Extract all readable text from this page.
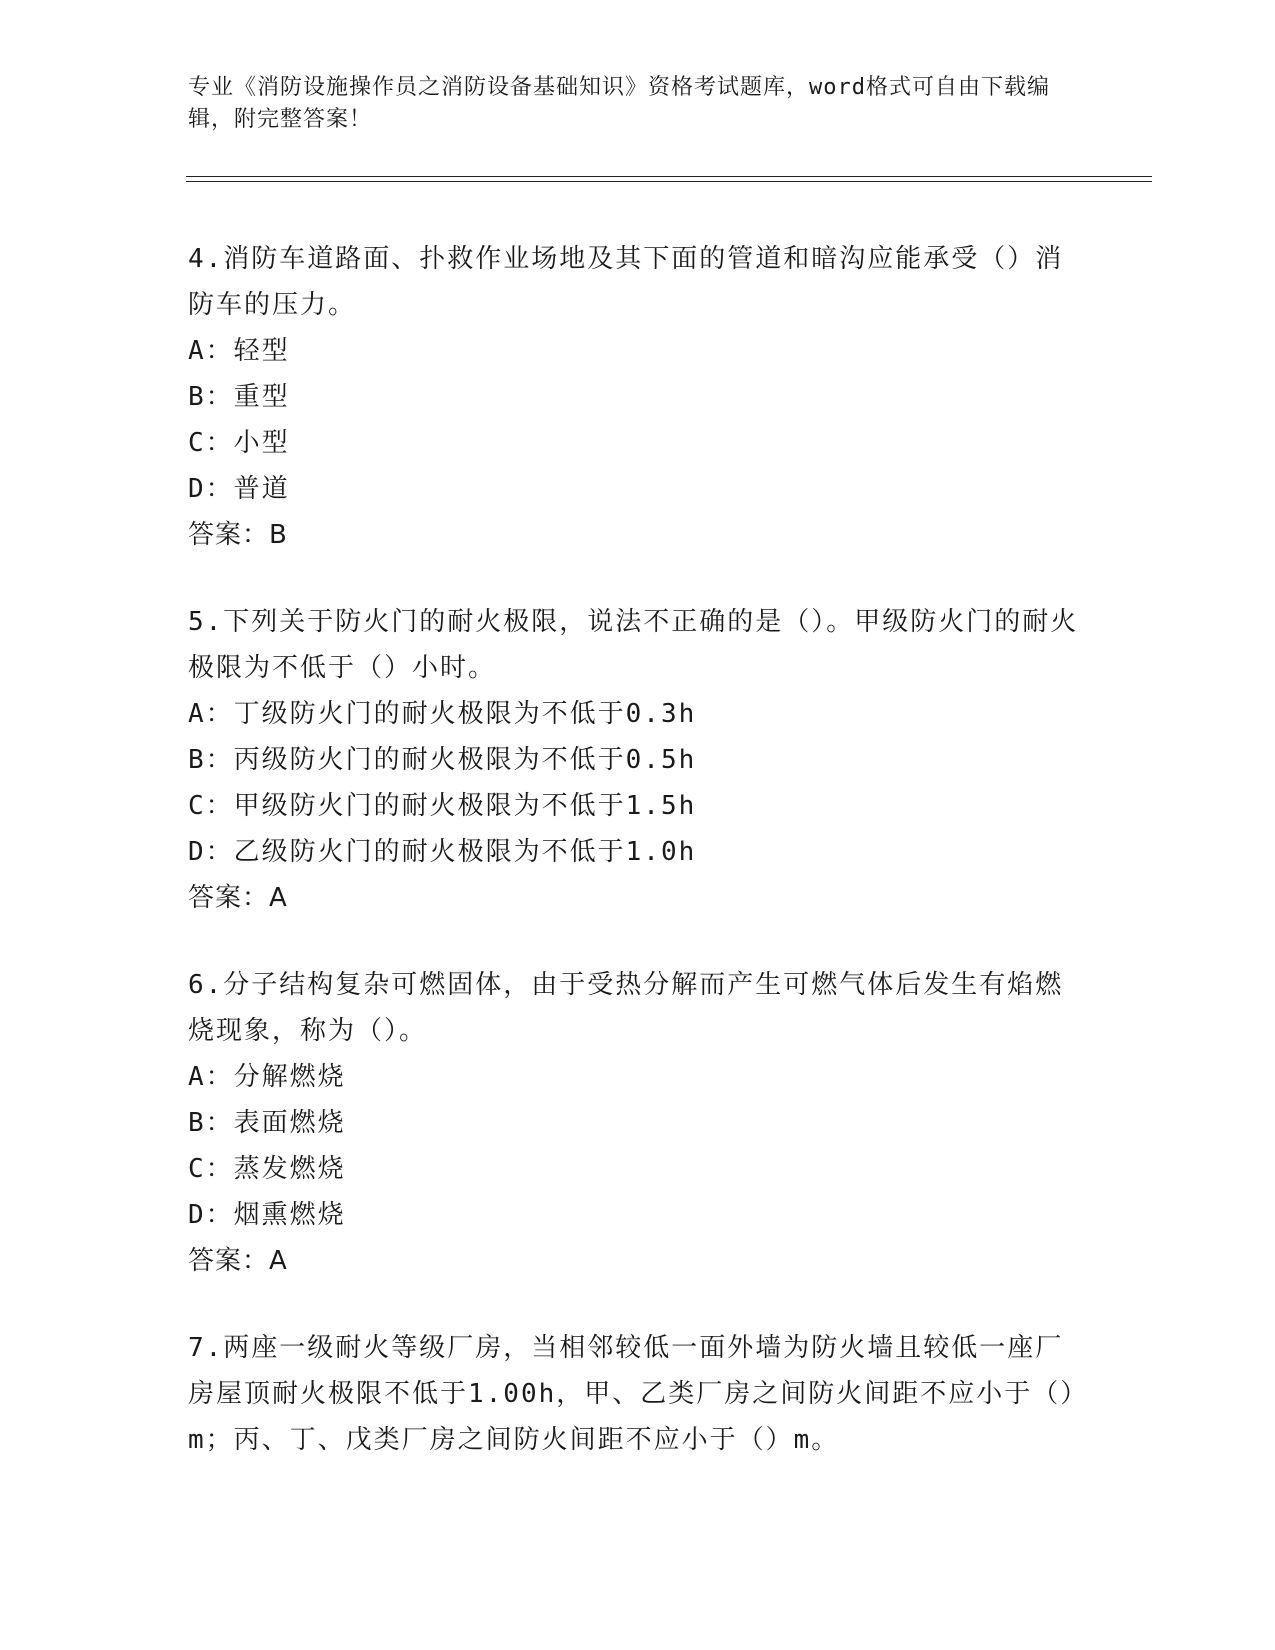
专业《消防设施操作员之消防设备基础知识》资格考试题库，word格式可自由下载编辑，附完整答案！
4.消防车道路面、扑救作业场地及其下面的管道和暗沟应能承受（）消防车的压力。
A：轻型
B：重型
C：小型
D：普道
答案：B
5.下列关于防火门的耐火极限，说法不正确的是（）。甲级防火门的耐火极限为不低于（）小时。
A：丁级防火门的耐火极限为不低于0.3h
B：丙级防火门的耐火极限为不低于0.5h
C：甲级防火门的耐火极限为不低于1.5h
D：乙级防火门的耐火极限为不低于1.0h
答案：A
6.分子结构复杂可燃固体，由于受热分解而产生可燃气体后发生有焰燃烧现象，称为（）。
A：分解燃烧
B：表面燃烧
C：蒸发燃烧
D：烟熏燃烧
答案：A
7.两座一级耐火等级厂房，当相邻较低一面外墙为防火墙且较低一座厂房屋顶耐火极限不低于1.00h，甲、乙类厂房之间防火间距不应小于（）m；丙、丁、戊类厂房之间防火间距不应小于（）m。
